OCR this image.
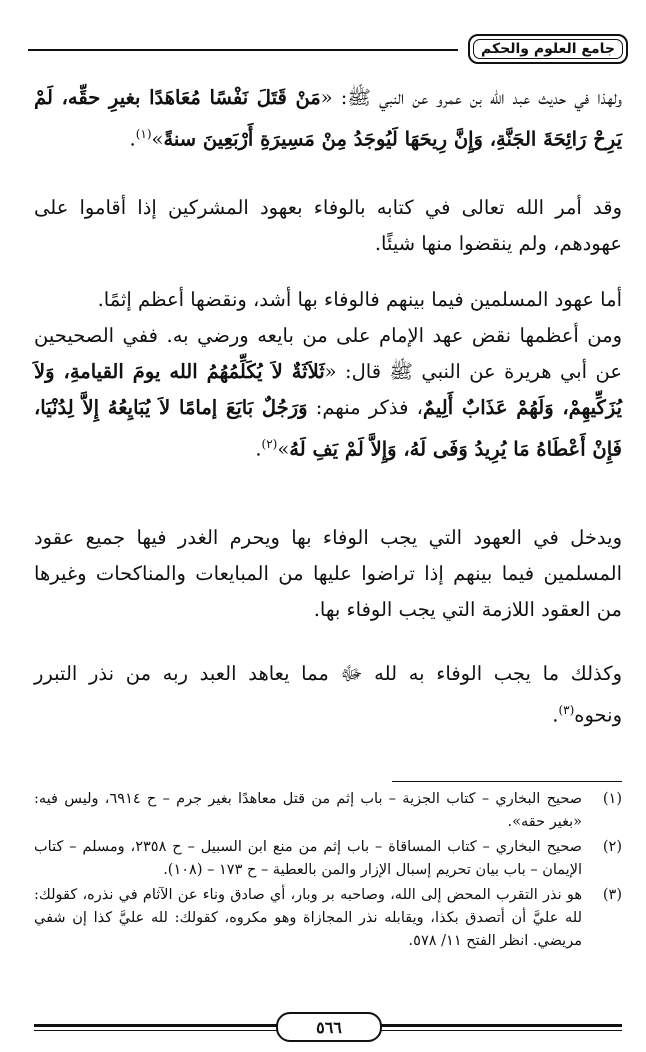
جامع العلوم والحكم

ولهذا في حديث عبد الله بن عمرو عن النبي ﷺ: «مَنْ قَتَلَ نَفْسًا مُعَاهَدًا بغيرِ حقِّه، لَمْ يَرِحْ رَائِحَةَ الجَنَّةِ، وَإِنَّ رِيحَهَا لَيُوجَدُ مِنْ مَسِيرَةِ أَرْبَعِينَ سنةً»$^{(١)}$.

وقد أمر الله تعالى في كتابه بالوفاء بعهود المشركين إذا أقاموا على عهودهم، ولم ينقضوا منها شيئًا.

أما عهود المسلمين فيما بينهم فالوفاء بها أشد، ونقضها أعظم إثمًا.

ومن أعظمها نقض عهد الإمام على من بايعه ورضي به. ففي الصحيحين عن أبي هريرة عن النبي ﷺ قال: «ثَلاَثَةٌ لاَ يُكَلِّمُهُمُ الله يومَ القيامةِ، وَلاَ يُزَكِّيهِمْ، وَلَهُمْ عَذَابٌ أَلِيمٌ، فذكر منهم: وَرَجُلٌ بَايَعَ إمامًا لاَ يُبَايِعُهُ إِلاَّ لِدُنْيَا، فَإِنْ أَعْطَاهُ مَا يُرِيدُ وَفَى لَهُ، وَإِلاَّ لَمْ يَفِ لَهُ»$^{(٢)}$.

ويدخل في العهود التي يجب الوفاء بها ويحرم الغدر فيها جميع عقود المسلمين فيما بينهم إذا تراضوا عليها من المبايعات والمناكحات وغيرها من العقود اللازمة التي يجب الوفاء بها.

وكذلك ما يجب الوفاء به لله ﷻ مما يعاهد العبد ربه من نذر التبرر ونحوه$^{(٣)}$.

(١)
صحيح البخاري – كتاب الجزية – باب إثم من قتل معاهدًا بغير جرم – ح ٦٩١٤، وليس فيه: «بغير حقه».
(٢)
صحيح البخاري – كتاب المساقاة – باب إثم من منع ابن السبيل – ح ٢٣٥٨، ومسلم – كتاب الإيمان – باب بيان تحريم إسبال الإزار والمن بالعطية – ح ١٧٣ – (١٠٨).
(٣)
هو نذر التقرب المحض إلى الله، وصاحبه بر وبار، أي صادق وناء عن الآثام في نذره، كقولك: لله عليَّ أن أتصدق بكذا، ويقابله نذر المجازاة وهو مكروه، كقولك: لله عليَّ كذا إن شفي مريضي. انظر الفتح ١١/ ٥٧٨.
٥٦٦
